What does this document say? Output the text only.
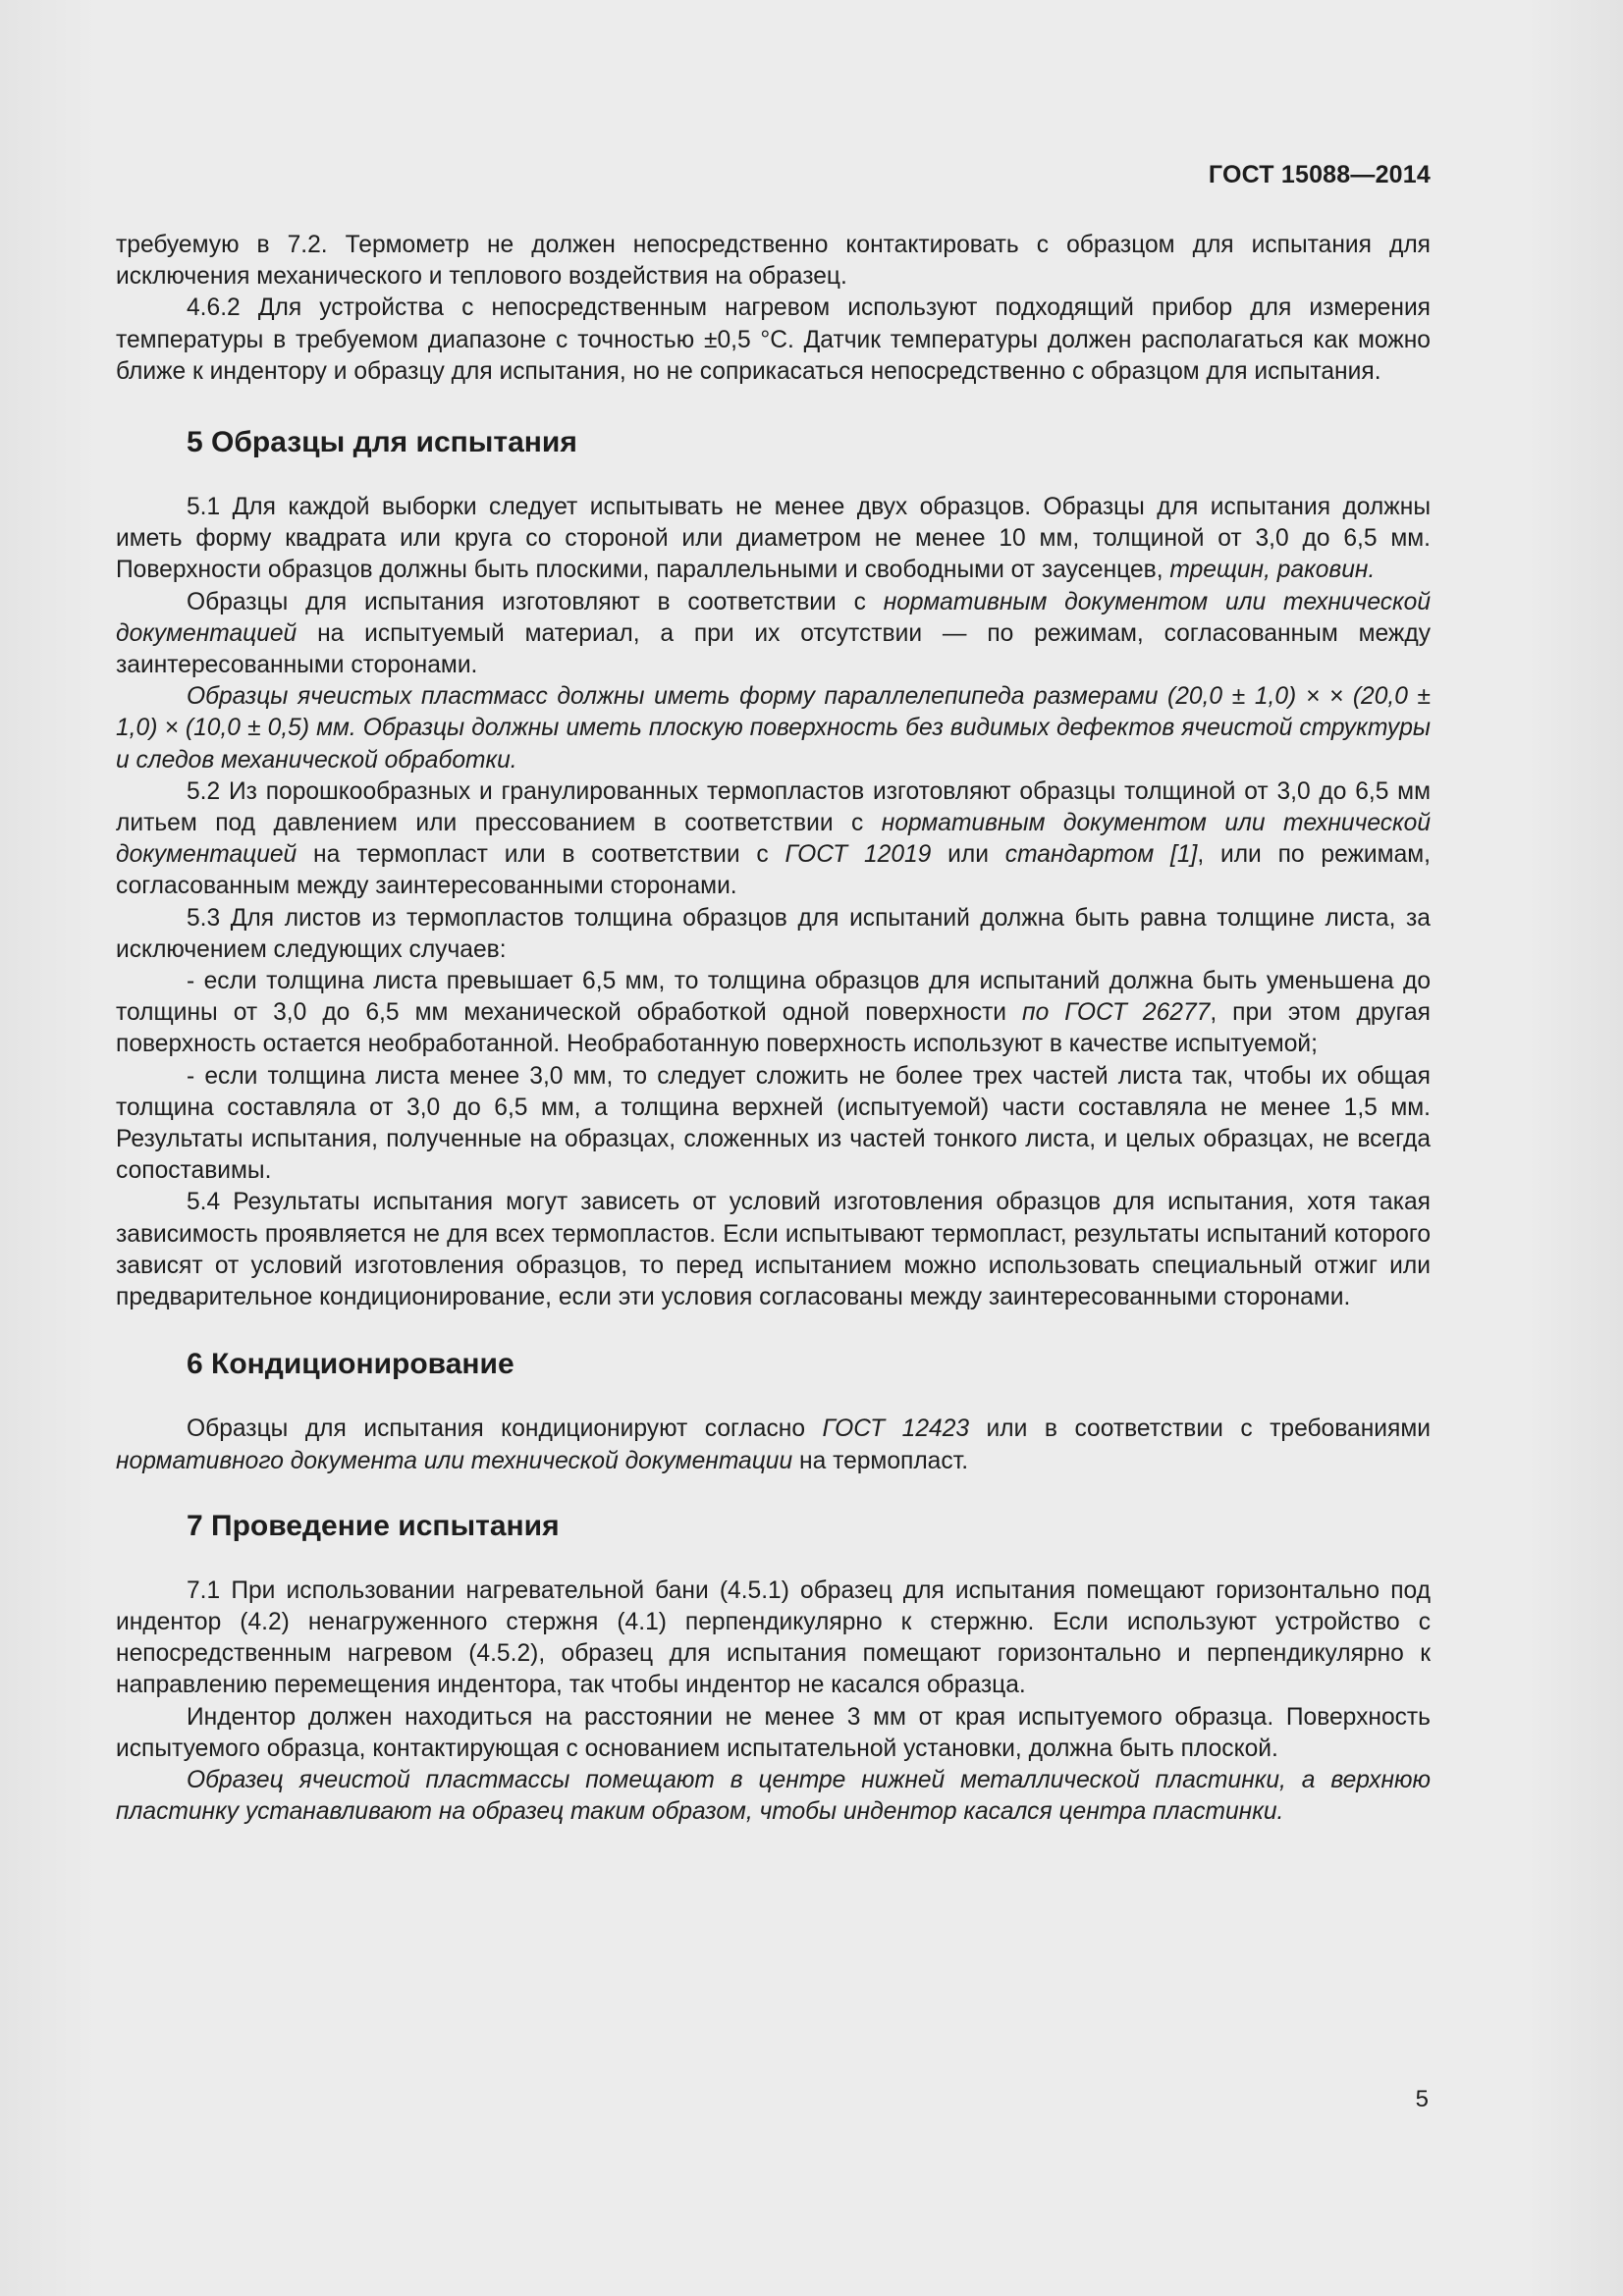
ГОСТ 15088—2014

требуемую в 7.2. Термометр не должен непосредственно контактировать с образцом для испытания для исключения механического и теплового воздействия на образец.

4.6.2 Для устройства с непосредственным нагревом используют подходящий прибор для измерения температуры в требуемом диапазоне с точностью ±0,5 °C. Датчик температуры должен располагаться как можно ближе к индентору и образцу для испытания, но не соприкасаться непосредственно с образцом для испытания.

5 Образцы для испытания

5.1 Для каждой выборки следует испытывать не менее двух образцов. Образцы для испытания должны иметь форму квадрата или круга со стороной или диаметром не менее 10 мм, толщиной от 3,0 до 6,5 мм. Поверхности образцов должны быть плоскими, параллельными и свободными от заусенцев, трещин, раковин.

Образцы для испытания изготовляют в соответствии с нормативным документом или технической документацией на испытуемый материал, а при их отсутствии — по режимам, согласованным между заинтересованными сторонами.

Образцы ячеистых пластмасс должны иметь форму параллелепипеда размерами (20,0 ± 1,0) × × (20,0 ± 1,0) × (10,0 ± 0,5) мм. Образцы должны иметь плоскую поверхность без видимых дефектов ячеистой структуры и следов механической обработки.

5.2 Из порошкообразных и гранулированных термопластов изготовляют образцы толщиной от 3,0 до 6,5 мм литьем под давлением или прессованием в соответствии с нормативным документом или технической документацией на термопласт или в соответствии с ГОСТ 12019 или стандартом [1], или по режимам, согласованным между заинтересованными сторонами.

5.3 Для листов из термопластов толщина образцов для испытаний должна быть равна толщине листа, за исключением следующих случаев:

- если толщина листа превышает 6,5 мм, то толщина образцов для испытаний должна быть уменьшена до толщины от 3,0 до 6,5 мм механической обработкой одной поверхности по ГОСТ 26277, при этом другая поверхность остается необработанной. Необработанную поверхность используют в качестве испытуемой;

- если толщина листа менее 3,0 мм, то следует сложить не более трех частей листа так, чтобы их общая толщина составляла от 3,0 до 6,5 мм, а толщина верхней (испытуемой) части составляла не менее 1,5 мм. Результаты испытания, полученные на образцах, сложенных из частей тонкого листа, и целых образцах, не всегда сопоставимы.

5.4 Результаты испытания могут зависеть от условий изготовления образцов для испытания, хотя такая зависимость проявляется не для всех термопластов. Если испытывают термопласт, результаты испытаний которого зависят от условий изготовления образцов, то перед испытанием можно использовать специальный отжиг или предварительное кондиционирование, если эти условия согласованы между заинтересованными сторонами.

6 Кондиционирование

Образцы для испытания кондиционируют согласно ГОСТ 12423 или в соответствии с требованиями нормативного документа или технической документации на термопласт.

7 Проведение испытания

7.1 При использовании нагревательной бани (4.5.1) образец для испытания помещают горизонтально под индентор (4.2) ненагруженного стержня (4.1) перпендикулярно к стержню. Если используют устройство с непосредственным нагревом (4.5.2), образец для испытания помещают горизонтально и перпендикулярно к направлению перемещения индентора, так чтобы индентор не касался образца.

Индентор должен находиться на расстоянии не менее 3 мм от края испытуемого образца. Поверхность испытуемого образца, контактирующая с основанием испытательной установки, должна быть плоской.

Образец ячеистой пластмассы помещают в центре нижней металлической пластинки, а верхнюю пластинку устанавливают на образец таким образом, чтобы индентор касался центра пластинки.

5
